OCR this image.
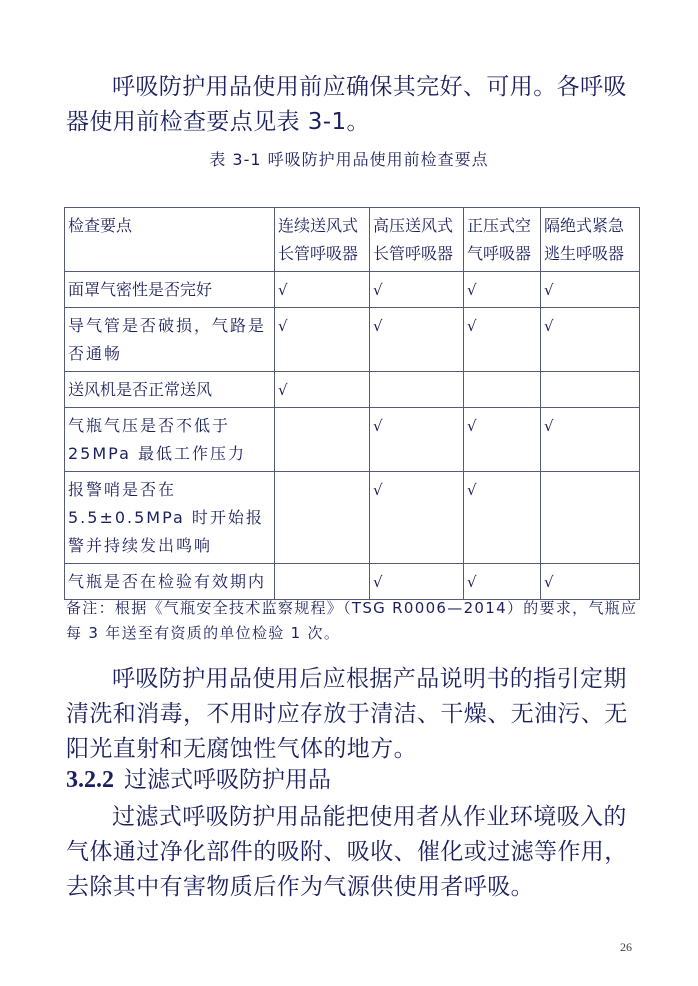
呼吸防护用品使用前应确保其完好、可用。各呼吸器使用前检查要点见表 3-1。

表 3-1 呼吸防护用品使用前检查要点
检查要点	连续送风式长管呼吸器	高压送风式长管呼吸器	正压式空气呼吸器	隔绝式紧急逃生呼吸器
面罩气密性是否完好	√	√	√	√
导气管是否破损，气路是否通畅	√	√	√	√
送风机是否正常送风	√			
气瓶气压是否不低于25MPa 最低工作压力		√	√	√
报警哨是否在 5.5±0.5MPa 时开始报警并持续发出鸣响		√	√	
气瓶是否在检验有效期内		√	√	√

备注：根据《气瓶安全技术监察规程》（TSG R0006—2014）的要求，气瓶应每 3 年送至有资质的单位检验 1 次。

呼吸防护用品使用后应根据产品说明书的指引定期清洗和消毒，不用时应存放于清洁、干燥、无油污、无阳光直射和无腐蚀性气体的地方。

3.2.2 过滤式呼吸防护用品

过滤式呼吸防护用品能把使用者从作业环境吸入的气体通过净化部件的吸附、吸收、催化或过滤等作用，去除其中有害物质后作为气源供使用者呼吸。

26
